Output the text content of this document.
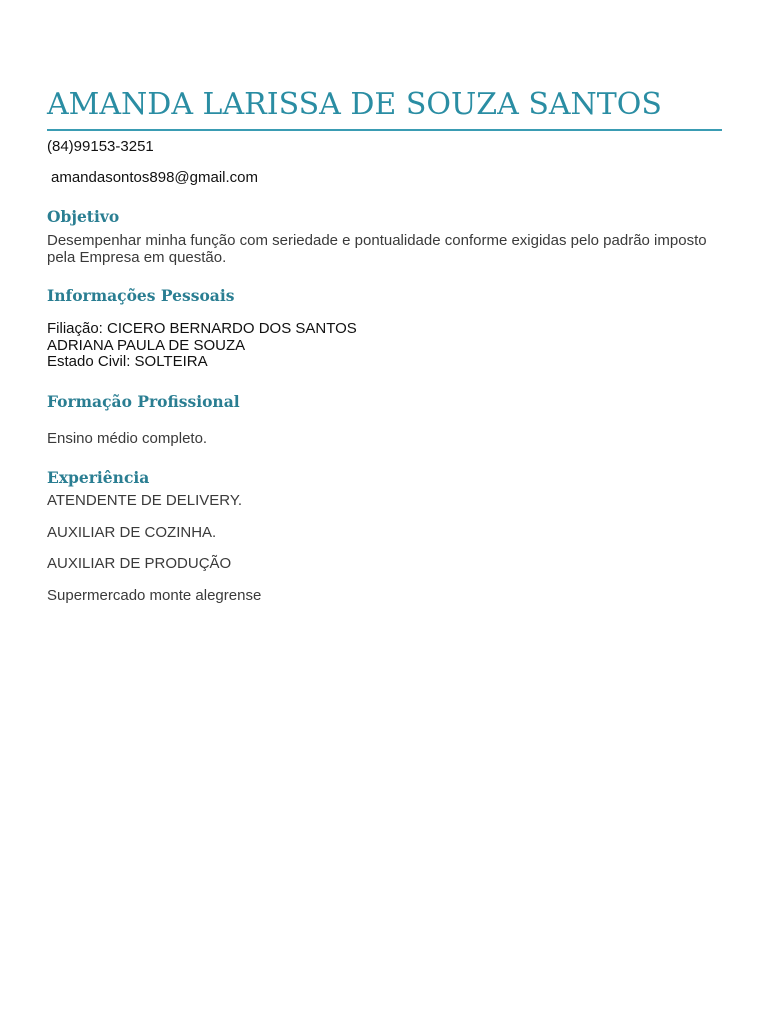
AMANDA LARISSA DE SOUZA SANTOS
(84)99153-3251
amandasontos898@gmail.com
Objetivo
Desempenhar minha função com seriedade e pontualidade conforme exigidas pelo padrão imposto pela Empresa em questão.
Informações Pessoais
Filiação: CICERO BERNARDO DOS SANTOS
ADRIANA PAULA DE SOUZA
Estado Civil: SOLTEIRA
Formação Profissional
Ensino médio completo.
Experiência
ATENDENTE DE DELIVERY.
AUXILIAR DE COZINHA.
AUXILIAR DE PRODUÇÃO
Supermercado monte alegrense
